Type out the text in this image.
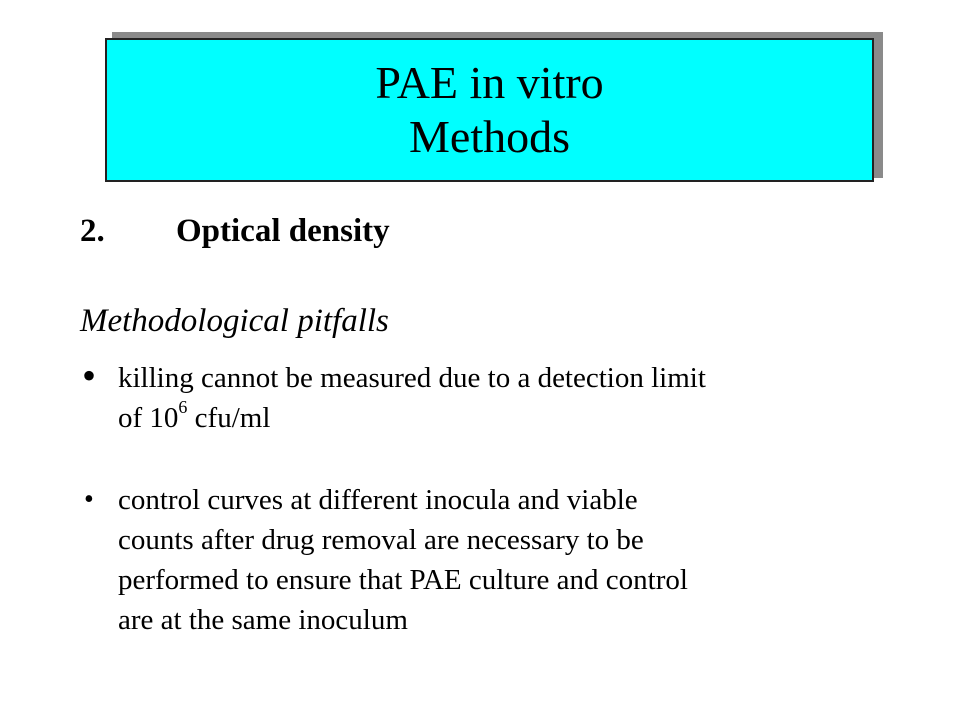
PAE in vitro
Methods
2. Optical density
Methodological pitfalls
• killing cannot be measured due to a detection limit
of $10^6$ cfu/ml
• control curves at different inocula and viable
counts after drug removal are necessary to be
performed to ensure that PAE culture and control
are at the same inoculum
